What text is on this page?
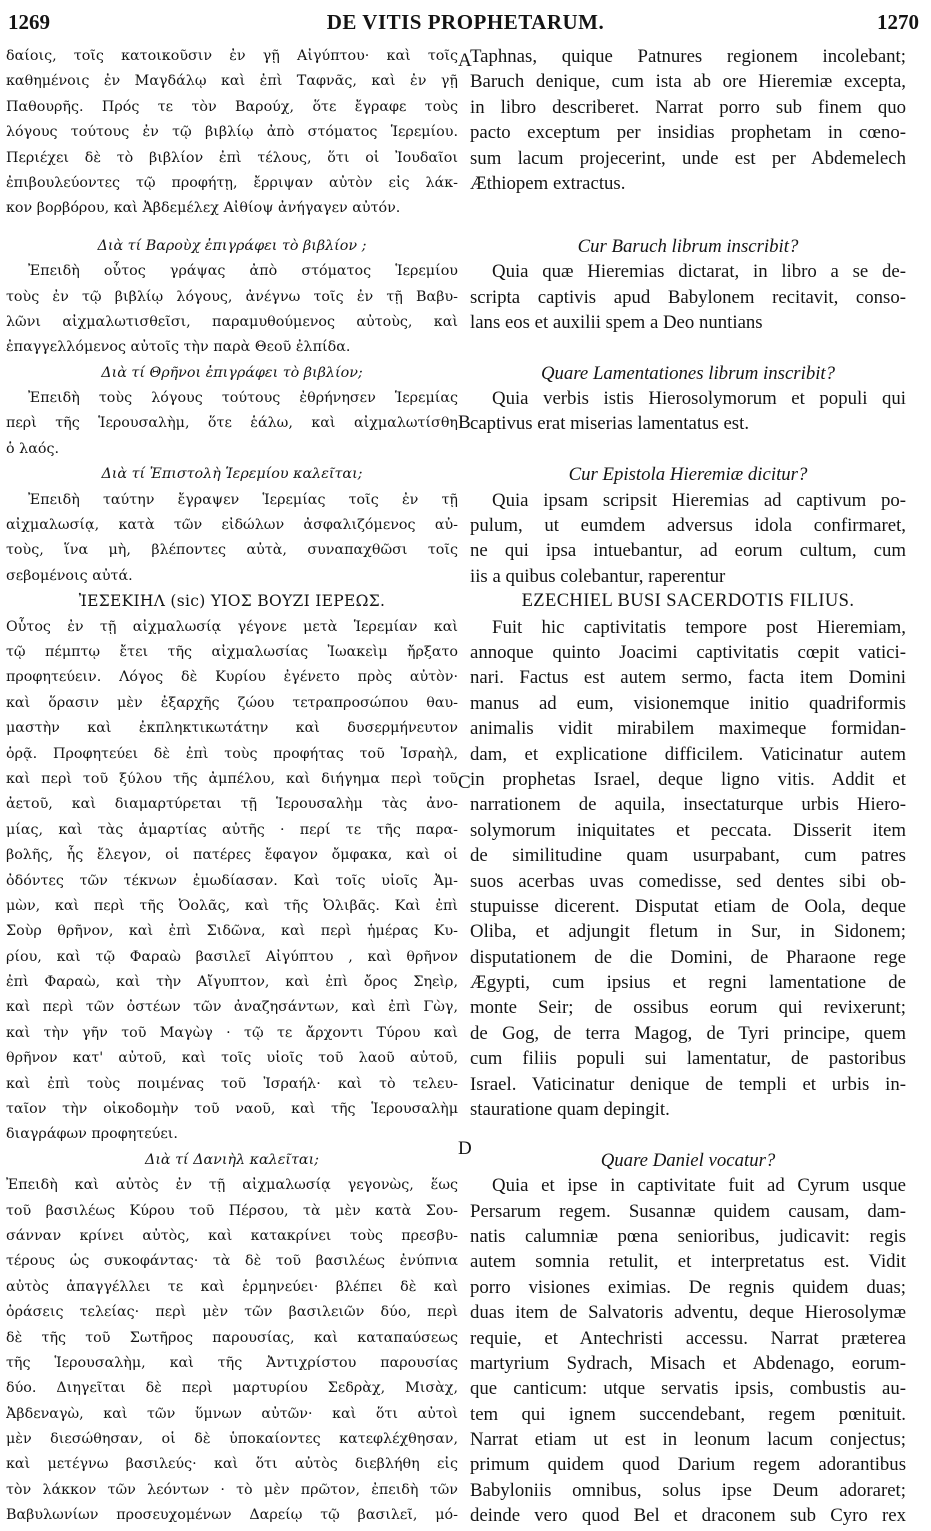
1269	DE VITIS PROPHETARUM.	1270
δαίοις, τοῖς κατοικοῦσιν ἐν γῇ Αἰγύπτου· καὶ τοῖς
καθημένοις ἐν Μαγδάλῳ καὶ ἐπὶ Ταφνᾶς, καὶ ἐν γῇ
Παθουρῆς. Πρός τε τὸν Βαρούχ, ὅτε ἔγραφε τοὺς
λόγους τούτους ἐν τῷ βιβλίῳ ἀπὸ στόματος Ἱερεμίου.
Περιέχει δὲ τὸ βιβλίον ἐπὶ τέλους, ὅτι οἱ Ἰουδαῖοι
ἐπιβουλεύοντες τῷ προφήτῃ, ἔρριψαν αὐτὸν εἰς λάκ-
κον βορβόρου, καὶ Ἀβδεμέλεχ Αἰθίοψ ἀνήγαγεν αὐτόν.
Διὰ τί Βαροὺχ ἐπιγράφει τὸ βιβλίον ;
Ἐπειδὴ οὗτος γράψας ἀπὸ στόματος Ἱερεμίου
τοὺς ἐν τῷ βιβλίῳ λόγους, ἀνέγνω τοῖς ἐν τῇ Βαβυ-
λῶνι αἰχμαλωτισθεῖσι, παραμυθούμενος αὐτοὺς, καὶ
ἐπαγγελλόμενος αὐτοῖς τὴν παρὰ Θεοῦ ἐλπίδα.
Διὰ τί Θρῆνοι ἐπιγράφει τὸ βιβλίον;
Ἐπειδὴ τοὺς λόγους τούτους ἐθρήνησεν Ἱερεμίας
περὶ τῆς Ἱερουσαλὴμ, ὅτε ἑάλω, καὶ αἰχμαλωτίσθη
ὁ λαός.
Διὰ τί Ἐπιστολὴ Ἱερεμίου καλεῖται;
Ἐπειδὴ ταύτην ἔγραψεν Ἱερεμίας τοῖς ἐν τῇ
αἰχμαλωσίᾳ, κατὰ τῶν εἰδώλων ἀσφαλιζόμενος αὐ-
τοὺς, ἵνα μὴ, βλέποντες αὐτὰ, συναπαχθῶσι τοῖς
σεβομένοις αὐτά.
ἸΕΣΕΚΙΗΛ (sic) ΥΙΟΣ ΒΟΥΖΙ ΙΕΡΕΩΣ.
Οὗτος ἐν τῇ αἰχμαλωσίᾳ γέγονε μετὰ Ἱερεμίαν καὶ
τῷ πέμπτῳ ἔτει τῆς αἰχμαλωσίας Ἰωακεὶμ ἤρξατο
προφητεύειν. Λόγος δὲ Κυρίου ἐγένετο πρὸς αὐτὸν·
καὶ ὅρασιν μὲν ἐξαρχῆς ζώου τετραπροσώπου θαυ-
μαστὴν καὶ ἐκπληκτικωτάτην καὶ δυσερμήνευτον
ὁρᾷ. Προφητεύει δὲ ἐπὶ τοὺς προφήτας τοῦ Ἰσραὴλ,
καὶ περὶ τοῦ ξύλου τῆς ἀμπέλου, καὶ διήγημα περὶ τοῦ
ἀετοῦ, καὶ διαμαρτύρεται τῇ Ἱερουσαλὴμ τὰς ἀνο-
μίας, καὶ τὰς ἁμαρτίας αὐτῆς · περί τε τῆς παρα-
βολῆς, ἧς ἔλεγον, οἱ πατέρες ἔφαγον ὄμφακα, καὶ οἱ
ὀδόντες τῶν τέκνων ἐμωδίασαν. Καὶ τοῖς υἱοῖς Ἀμ-
μὼν, καὶ περὶ τῆς Ὀολᾶς, καὶ τῆς Ὀλιβᾶς. Καὶ ἐπὶ
Σοὺρ θρῆνον, καὶ ἐπὶ Σιδῶνα, καὶ περὶ ἡμέρας Κυ-
ρίου, καὶ τῷ Φαραὼ βασιλεῖ Αἰγύπτου , καὶ θρῆνον
ἐπὶ Φαραὼ, καὶ τὴν Αἴγυπτον, καὶ ἐπὶ ὄρος Σηεὶρ,
καὶ περὶ τῶν ὀστέων τῶν ἀναζησάντων, καὶ ἐπὶ Γὼγ,
καὶ τὴν γῆν τοῦ Μαγὼγ · τῷ τε ἄρχοντι Τύρου καὶ
θρῆνον κατ' αὐτοῦ, καὶ τοῖς υἱοῖς τοῦ λαοῦ αὐτοῦ,
καὶ ἐπὶ τοὺς ποιμένας τοῦ Ἰσραήλ· καὶ τὸ τελευ-
ταῖον τὴν οἰκοδομὴν τοῦ ναοῦ, καὶ τῆς Ἱερουσαλὴμ
διαγράφων προφητεύει.
Διὰ τί Δανιὴλ καλεῖται;
Ἐπειδὴ καὶ αὐτὸς ἐν τῇ αἰχμαλωσίᾳ γεγονὼς, ἕως
τοῦ βασιλέως Κύρου τοῦ Πέρσου, τὰ μὲν κατὰ Σου-
σάνναν κρίνει αὐτὸς, καὶ κατακρίνει τοὺς πρεσβυ-
τέρους ὡς συκοφάντας· τὰ δὲ τοῦ βασιλέως ἐνύπνια
αὐτὸς ἀπαγγέλλει τε καὶ ἑρμηνεύει· βλέπει δὲ καὶ
ὁράσεις τελείας· περὶ μὲν τῶν βασιλειῶν δύο, περὶ
δὲ τῆς τοῦ Σωτῆρος παρουσίας, καὶ καταπαύσεως
τῆς Ἱερουσαλὴμ, καὶ τῆς Ἀντιχρίστου παρουσίας
δύο. Διηγεῖται δὲ περὶ μαρτυρίου Σεδρὰχ, Μισὰχ,
Ἀβδεναγὼ, καὶ τῶν ὕμνων αὐτῶν· καὶ ὅτι αὐτοὶ
μὲν διεσώθησαν, οἱ δὲ ὑποκαίοντες κατεφλέχθησαν,
καὶ μετέγνω βασιλεύς· καὶ ὅτι αὐτὸς διεβλήθη εἰς
τὸν λάκκον τῶν λεόντων · τὸ μὲν πρῶτον, ἐπειδὴ τῶν
Βαβυλωνίων προσευχομένων Δαρείῳ τῷ βασιλεῖ, μό-
Taphnas, quique Patnures regionem incolebant;
Baruch denique, cum ista ab ore Hieremiæ excepta,
in libro describeret. Narrat porro sub finem quo
pacto exceptum per insidias prophetam in cœno-
sum lacum projecerint, unde est per Abdemelech
Æthiopem extractus.
Cur Baruch librum inscribit?
Quia quæ Hieremias dictarat, in libro a se de-
scripta captivis apud Babylonem recitavit, conso-
lans eos et auxilii spem a Deo nuntians
Quare Lamentationes librum inscribit?
Quia verbis istis Hierosolymorum et populi qui
captivus erat miserias lamentatus est.
Cur Epistola Hieremiæ dicitur?
Quia ipsam scripsit Hieremias ad captivum po-
pulum, ut eumdem adversus idola confirmaret,
ne qui ipsa intuebantur, ad eorum cultum, cum
iis a quibus colebantur, raperentur
EZECHIEL BUSI SACERDOTIS FILIUS.
Fuit hic captivitatis tempore post Hieremiam,
annoque quinto Joacimi captivitatis cœpit vatici-
nari. Factus est autem sermo, facta item Domini
manus ad eum, visionemque initio quadriformis
animalis vidit mirabilem maximeque formidan-
dam, et explicatione difficilem. Vaticinatur autem
in prophetas Israel, deque ligno vitis. Addit et
narrationem de aquila, insectaturque urbis Hiero-
solymorum iniquitates et peccata. Disserit item
de similitudine quam usurpabant, cum patres
suos acerbas uvas comedisse, sed dentes sibi ob-
stupuisse dicerent. Disputat etiam de Oola, deque
Oliba, et adjungit fletum in Sur, in Sidonem;
disputationem de die Domini, de Pharaone rege
Ægypti, cum ipsius et regni lamentatione de
monte Seir; de ossibus eorum qui revixerunt;
de Gog, de terra Magog, de Tyri principe, quem
cum filiis populi sui lamentatur, de pastoribus
Israel. Vaticinatur denique de templi et urbis in-
stauratione quam depingit.
Quare Daniel vocatur?
Quia et ipse in captivitate fuit ad Cyrum usque
Persarum regem. Susannæ quidem causam, dam-
natis calumniæ pœna senioribus, judicavit: regis
autem somnia retulit, et interpretatus est. Vidit
porro visiones eximias. De regnis quidem duas;
duas item de Salvatoris adventu, deque Hierosolymæ
requie, et Antechristi accessu. Narrat præterea
martyrium Sydrach, Misach et Abdenago, eorum-
que canticum: utque servatis ipsis, combustis au-
tem qui ignem succendebant, regem pœnituit.
Narrat etiam ut est in leonum lacum conjectus;
primum quidem quod Darium regem adorantibus
Babyloniis omnibus, solus ipse Deum adoraret;
deinde vero quod Bel et draconem sub Cyro rex
A
B
C
D
